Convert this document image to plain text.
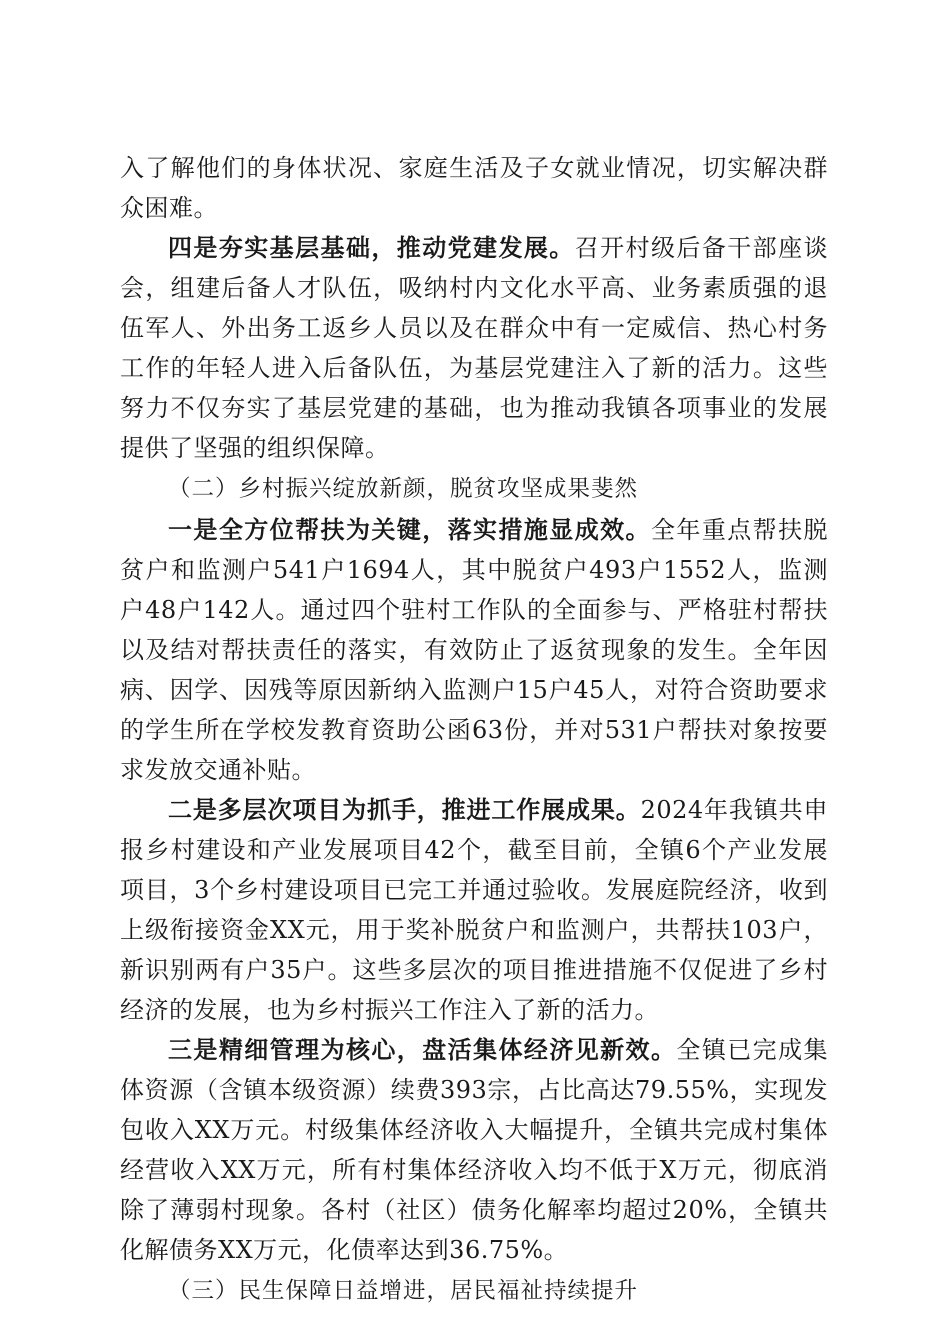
入了解他们的身体状况、家庭生活及子女就业情况，切实解决群众困难。

四是夯实基层基础，推动党建发展。召开村级后备干部座谈会，组建后备人才队伍，吸纳村内文化水平高、业务素质强的退伍军人、外出务工返乡人员以及在群众中有一定威信、热心村务工作的年轻人进入后备队伍，为基层党建注入了新的活力。这些努力不仅夯实了基层党建的基础，也为推动我镇各项事业的发展提供了坚强的组织保障。

（二）乡村振兴绽放新颜，脱贫攻坚成果斐然

一是全方位帮扶为关键，落实措施显成效。全年重点帮扶脱贫户和监测户541户1694人，其中脱贫户493户1552人，监测户48户142人。通过四个驻村工作队的全面参与、严格驻村帮扶以及结对帮扶责任的落实，有效防止了返贫现象的发生。全年因病、因学、因残等原因新纳入监测户15户45人，对符合资助要求的学生所在学校发教育资助公函63份，并对531户帮扶对象按要求发放交通补贴。

二是多层次项目为抓手，推进工作展成果。2024年我镇共申报乡村建设和产业发展项目42个，截至目前，全镇6个产业发展项目，3个乡村建设项目已完工并通过验收。发展庭院经济，收到上级衔接资金XX元，用于奖补脱贫户和监测户，共帮扶103户，新识别两有户35户。这些多层次的项目推进措施不仅促进了乡村经济的发展，也为乡村振兴工作注入了新的活力。

三是精细管理为核心，盘活集体经济见新效。全镇已完成集体资源（含镇本级资源）续费393宗，占比高达79.55%，实现发包收入XX万元。村级集体经济收入大幅提升，全镇共完成村集体经营收入XX万元，所有村集体经济收入均不低于X万元，彻底消除了薄弱村现象。各村（社区）债务化解率均超过20%，全镇共化解债务XX万元，化债率达到36.75%。

（三）民生保障日益增进，居民福祉持续提升
